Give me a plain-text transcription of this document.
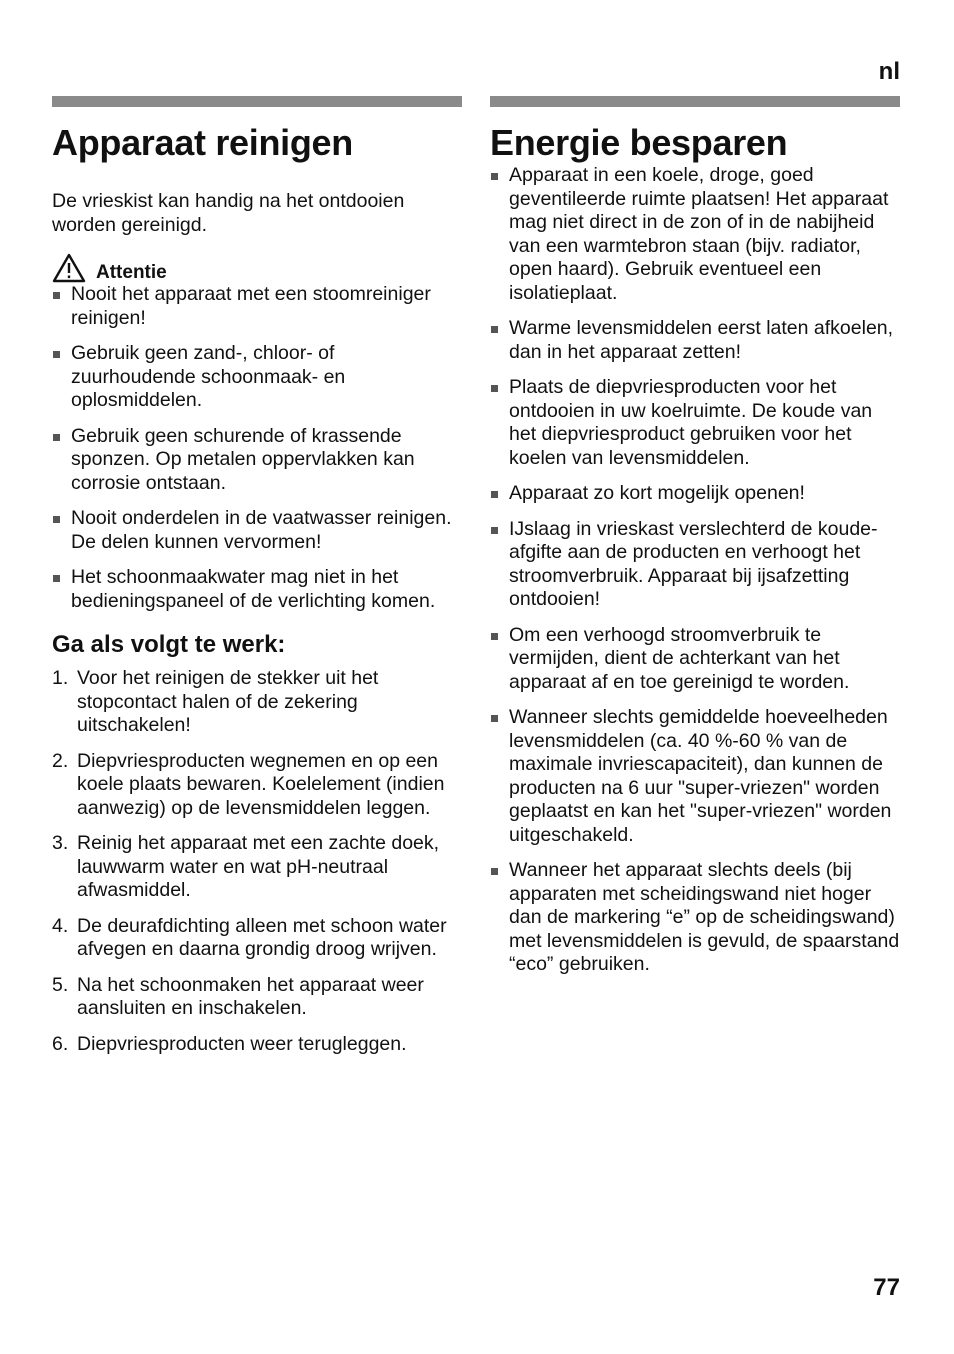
nl
Apparaat reinigen

De vrieskist kan handig na het ontdooien worden gereinigd.

Attentie
Nooit het apparaat met een stoomreiniger reinigen!
Gebruik geen zand-, chloor- of zuurhoudende schoonmaak- en oplosmiddelen.
Gebruik geen schurende of krassende sponzen. Op metalen oppervlakken kan corrosie ontstaan.
Nooit onderdelen in de vaatwasser reinigen. De delen kunnen vervormen!
Het schoonmaakwater mag niet in het bedieningspaneel of de verlichting komen.
Ga als volgt te werk:
1. Voor het reinigen de stekker uit het stopcontact halen of de zekering uitschakelen!
2. Diepvriesproducten wegnemen en op een koele plaats bewaren. Koelelement (indien aanwezig) op de levensmiddelen leggen.
3. Reinig het apparaat met een zachte doek, lauwwarm water en wat pH-neutraal afwasmiddel.
4. De deurafdichting alleen met schoon water afvegen en daarna grondig droog wrijven.
5. Na het schoonmaken het apparaat weer aansluiten en inschakelen.
6. Diepvriesproducten weer terugleggen.
Energie besparen
Apparaat in een koele, droge, goed geventileerde ruimte plaatsen! Het apparaat mag niet direct in de zon of in de nabijheid van een warmtebron staan (bijv. radiator, open haard). Gebruik eventueel een isolatieplaat.
Warme levensmiddelen eerst laten afkoelen, dan in het apparaat zetten!
Plaats de diepvriesproducten voor het ontdooien in uw koelruimte. De koude van het diepvriesproduct gebruiken voor het koelen van levensmiddelen.
Apparaat zo kort mogelijk openen!
IJslaag in vrieskast verslechterd de koude-afgifte aan de producten en verhoogt het stroomverbruik. Apparaat bij ijsafzetting ontdooien!
Om een verhoogd stroomverbruik te vermijden, dient de achterkant van het apparaat af en toe gereinigd te worden.
Wanneer slechts gemiddelde hoeveelheden levensmiddelen (ca. 40 %-60 % van de maximale invriescapaciteit), dan kunnen de producten na 6 uur "super-vriezen" worden geplaatst en kan het "super-vriezen" worden uitgeschakeld.
Wanneer het apparaat slechts deels (bij apparaten met scheidingswand niet hoger dan de markering “e” op de scheidingswand) met levensmiddelen is gevuld, de spaarstand “eco” gebruiken.
77
